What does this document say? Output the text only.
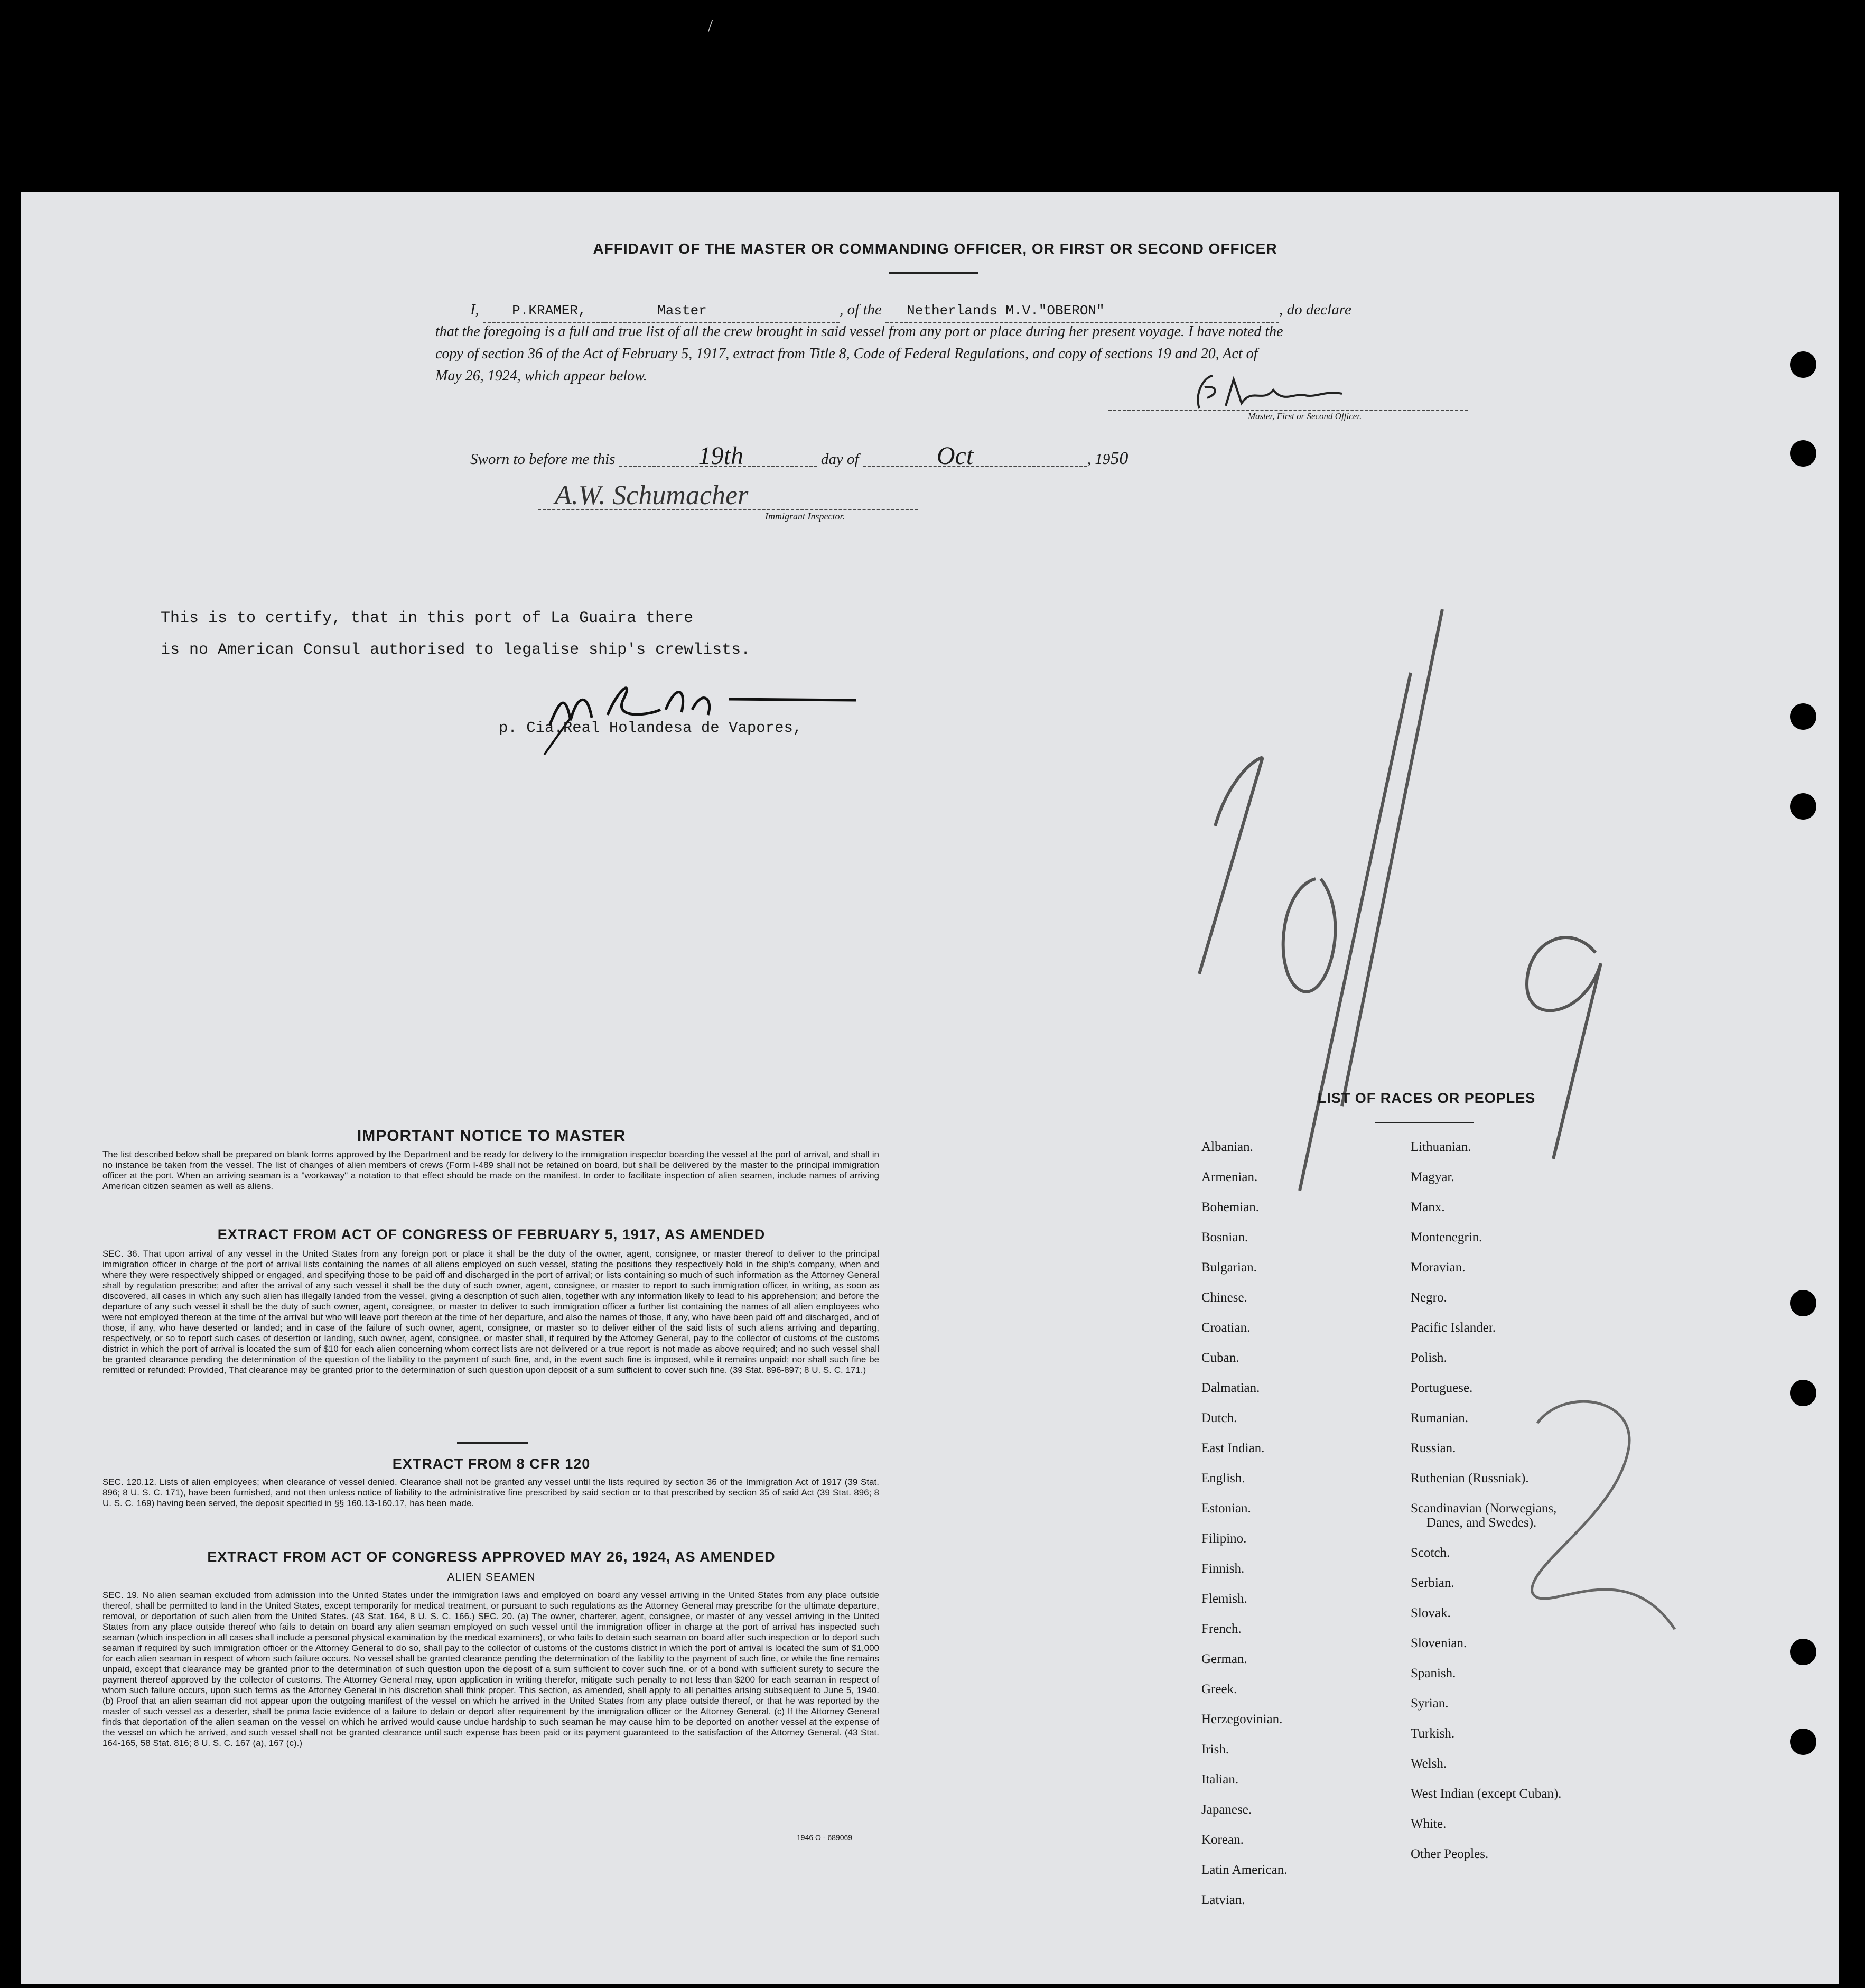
/
AFFIDAVIT OF THE MASTER OR COMMANDING OFFICER, OR FIRST OR SECOND OFFICER
I, P.KRAMER,	Master	, of the Netherlands M.V."OBERON"	, do declare
that the foregoing is a full and true list of all the crew brought in said vessel from any port or place during her present voyage. I have noted the
copy of section 36 of the Act of February 5, 1917, extract from Title 8, Code of Federal Regulations, and copy of sections 19 and 20, Act of
May 26, 1924, which appear below.
Master, First or Second Officer.
Sworn to before me this	19th	day of	Oct	, 1950
A.W. Schumacher
Immigrant Inspector.
This is to certify, that in this port of La Guaira there
is no American Consul authorised to legalise ship's crewlists.
p. Cia.Real Holandesa de Vapores,
IMPORTANT NOTICE TO MASTER
The list described below shall be prepared on blank forms approved by the Department and be ready for delivery to the immigration inspector boarding the vessel at the port of arrival, and shall in no instance be taken from the vessel. The list of changes of alien members of crews (Form I-489 shall not be retained on board, but shall be delivered by the master to the principal immigration officer at the port. When an arriving seaman is a "workaway" a notation to that effect should be made on the manifest. In order to facilitate inspection of alien seamen, include names of arriving American citizen seamen as well as aliens.
EXTRACT FROM ACT OF CONGRESS OF FEBRUARY 5, 1917, AS AMENDED
SEC. 36. That upon arrival of any vessel in the United States from any foreign port or place it shall be the duty of the owner, agent, consignee, or master thereof to deliver to the principal immigration officer in charge of the port of arrival lists containing the names of all aliens employed on such vessel, stating the positions they respectively hold in the ship's company, when and where they were respectively shipped or engaged, and specifying those to be paid off and discharged in the port of arrival; or lists containing so much of such information as the Attorney General shall by regulation prescribe; and after the arrival of any such vessel it shall be the duty of such owner, agent, consignee, or master to report to such immigration officer, in writing, as soon as discovered, all cases in which any such alien has illegally landed from the vessel, giving a description of such alien, together with any information likely to lead to his apprehension; and before the departure of any such vessel it shall be the duty of such owner, agent, consignee, or master to deliver to such immigration officer a further list containing the names of all alien employees who were not employed thereon at the time of the arrival but who will leave port thereon at the time of her departure, and also the names of those, if any, who have been paid off and discharged, and of those, if any, who have deserted or landed; and in case of the failure of such owner, agent, consignee, or master so to deliver either of the said lists of such aliens arriving and departing, respectively, or so to report such cases of desertion or landing, such owner, agent, consignee, or master shall, if required by the Attorney General, pay to the collector of customs of the customs district in which the port of arrival is located the sum of $10 for each alien concerning whom correct lists are not delivered or a true report is not made as above required; and no such vessel shall be granted clearance pending the determination of the question of the liability to the payment of such fine, and, in the event such fine is imposed, while it remains unpaid; nor shall such fine be remitted or refunded: Provided, That clearance may be granted prior to the determination of such question upon deposit of a sum sufficient to cover such fine. (39 Stat. 896-897; 8 U. S. C. 171.)
EXTRACT FROM 8 CFR 120
SEC. 120.12. Lists of alien employees; when clearance of vessel denied. Clearance shall not be granted any vessel until the lists required by section 36 of the Immigration Act of 1917 (39 Stat. 896; 8 U. S. C. 171), have been furnished, and not then unless notice of liability to the administrative fine prescribed by said section or to that prescribed by section 35 of said Act (39 Stat. 896; 8 U. S. C. 169) having been served, the deposit specified in §§ 160.13-160.17, has been made.
EXTRACT FROM ACT OF CONGRESS APPROVED MAY 26, 1924, AS AMENDED
ALIEN SEAMEN
SEC. 19. No alien seaman excluded from admission into the United States under the immigration laws and employed on board any vessel arriving in the United States from any place outside thereof, shall be permitted to land in the United States, except temporarily for medical treatment, or pursuant to such regulations as the Attorney General may prescribe for the ultimate departure, removal, or deportation of such alien from the United States. (43 Stat. 164, 8 U. S. C. 166.) SEC. 20. (a) The owner, charterer, agent, consignee, or master of any vessel arriving in the United States from any place outside thereof who fails to detain on board any alien seaman employed on such vessel until the immigration officer in charge at the port of arrival has inspected such seaman (which inspection in all cases shall include a personal physical examination by the medical examiners), or who fails to detain such seaman on board after such inspection or to deport such seaman if required by such immigration officer or the Attorney General to do so, shall pay to the collector of customs of the customs district in which the port of arrival is located the sum of $1,000 for each alien seaman in respect of whom such failure occurs. No vessel shall be granted clearance pending the determination of the liability to the payment of such fine, or while the fine remains unpaid, except that clearance may be granted prior to the determination of such question upon the deposit of a sum sufficient to cover such fine, or of a bond with sufficient surety to secure the payment thereof approved by the collector of customs. The Attorney General may, upon application in writing therefor, mitigate such penalty to not less than $200 for each seaman in respect of whom such failure occurs, upon such terms as the Attorney General in his discretion shall think proper. This section, as amended, shall apply to all penalties arising subsequent to June 5, 1940. (b) Proof that an alien seaman did not appear upon the outgoing manifest of the vessel on which he arrived in the United States from any place outside thereof, or that he was reported by the master of such vessel as a deserter, shall be prima facie evidence of a failure to detain or deport after requirement by the immigration officer or the Attorney General. (c) If the Attorney General finds that deportation of the alien seaman on the vessel on which he arrived would cause undue hardship to such seaman he may cause him to be deported on another vessel at the expense of the vessel on which he arrived, and such vessel shall not be granted clearance until such expense has been paid or its payment guaranteed to the satisfaction of the Attorney General. (43 Stat. 164-165, 58 Stat. 816; 8 U. S. C. 167 (a), 167 (c).)
1946 O - 689069
LIST OF RACES OR PEOPLES
Albanian.
Armenian.
Bohemian.
Bosnian.
Bulgarian.
Chinese.
Croatian.
Cuban.
Dalmatian.
Dutch.
East Indian.
English.
Estonian.
Filipino.
Finnish.
Flemish.
French.
German.
Greek.
Herzegovinian.
Irish.
Italian.
Japanese.
Korean.
Latin American.
Latvian.
Lithuanian.
Magyar.
Manx.
Montenegrin.
Moravian.
Negro.
Pacific Islander.
Polish.
Portuguese.
Rumanian.
Russian.
Ruthenian (Russniak).
Scandinavian (Norwegians,
Danes, and Swedes).
Scotch.
Serbian.
Slovak.
Slovenian.
Spanish.
Syrian.
Turkish.
Welsh.
West Indian (except Cuban).
White.
Other Peoples.
